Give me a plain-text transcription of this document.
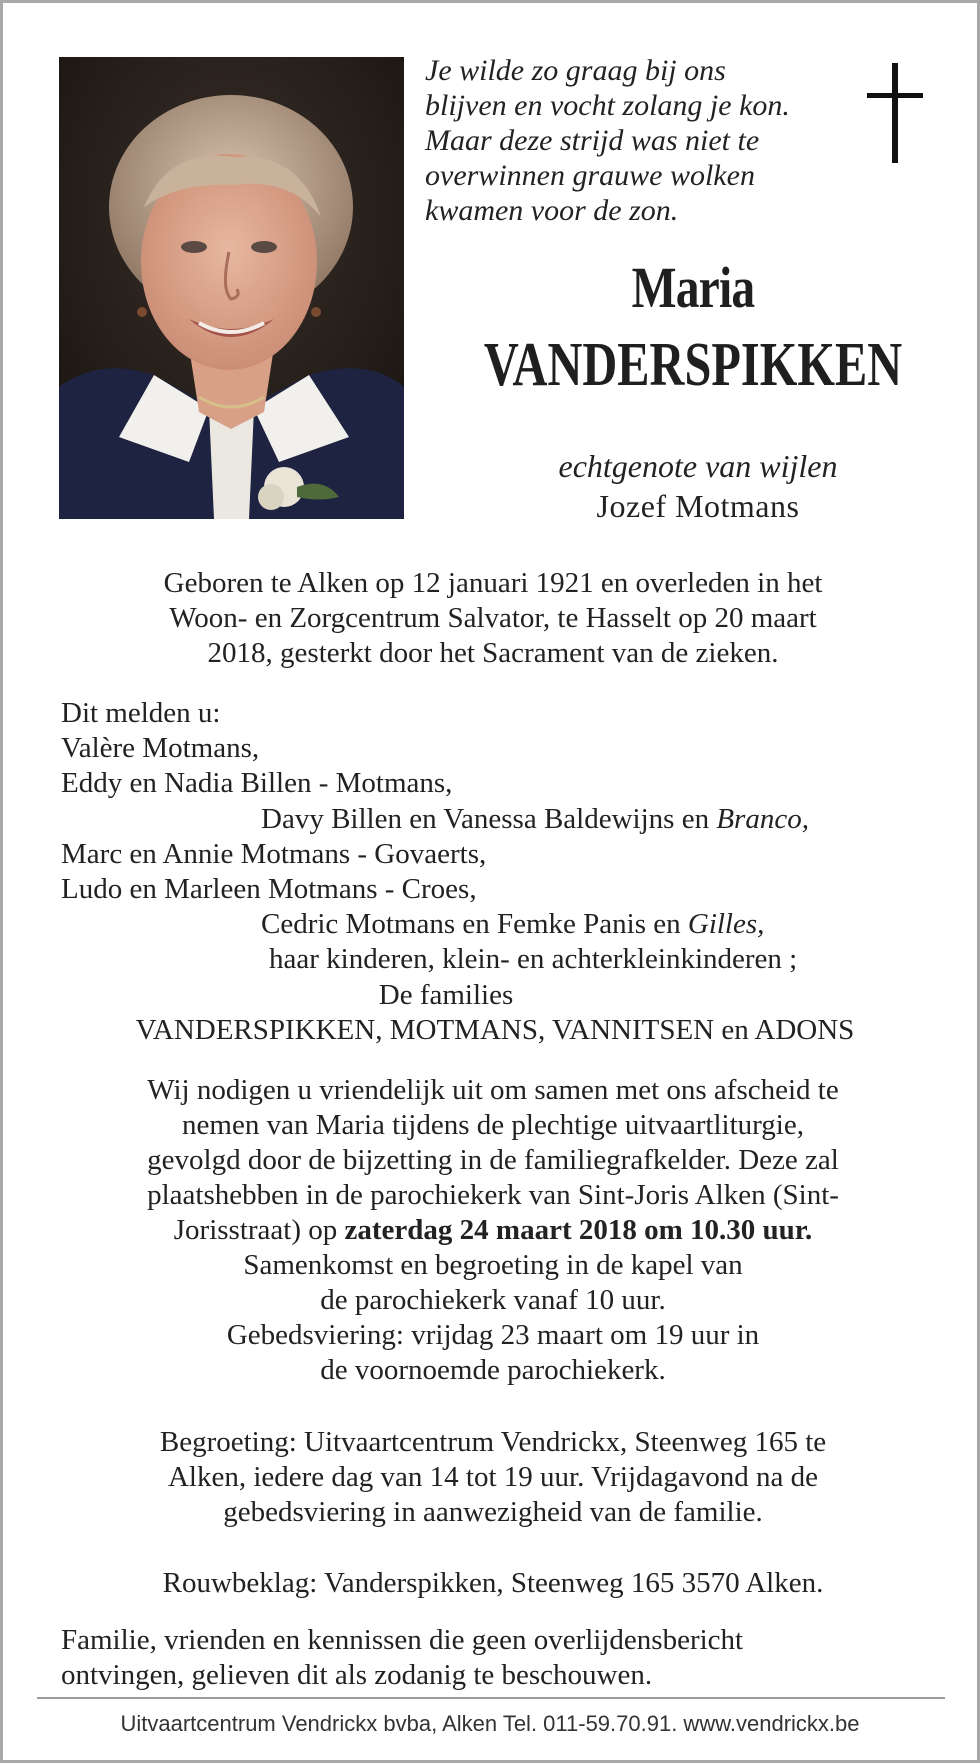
Je wilde zo graag bij ons
blijven en vocht zolang je kon.
Maar deze strijd was niet te
overwinnen grauwe wolken
kwamen voor de zon.
Maria
VANDERSPIKKEN
echtgenote van wijlen
Jozef Motmans
Geboren te Alken op 12 januari 1921 en overleden in het
Woon- en Zorgcentrum Salvator, te Hasselt op 20 maart
2018, gesterkt door het Sacrament van de zieken.
Dit melden u:
Valère Motmans,
Eddy en Nadia Billen - Motmans,
Davy Billen en Vanessa Baldewijns en Branco,
Marc en Annie Motmans - Govaerts,
Ludo en Marleen Motmans - Croes,
Cedric Motmans en Femke Panis en Gilles,
haar kinderen, klein- en achterkleinkinderen ;
De families
VANDERSPIKKEN, MOTMANS, VANNITSEN en ADONS
Wij nodigen u vriendelijk uit om samen met ons afscheid te
nemen van Maria tijdens de plechtige uitvaartliturgie,
gevolgd door de bijzetting in de familiegrafkelder. Deze zal
plaatshebben in de parochiekerk van Sint-Joris Alken (Sint-
Jorisstraat) op zaterdag 24 maart 2018 om 10.30 uur.
Samenkomst en begroeting in de kapel van
de parochiekerk vanaf 10 uur.
Gebedsviering: vrijdag 23 maart om 19 uur in
de voornoemde parochiekerk.
Begroeting: Uitvaartcentrum Vendrickx, Steenweg 165 te
Alken, iedere dag van 14 tot 19 uur. Vrijdagavond na de
gebedsviering in aanwezigheid van de familie.
Rouwbeklag: Vanderspikken, Steenweg 165 3570 Alken.
Familie, vrienden en kennissen die geen overlijdensbericht
ontvingen, gelieven dit als zodanig te beschouwen.
Uitvaartcentrum Vendrickx bvba, Alken Tel. 011-59.70.91. www.vendrickx.be
